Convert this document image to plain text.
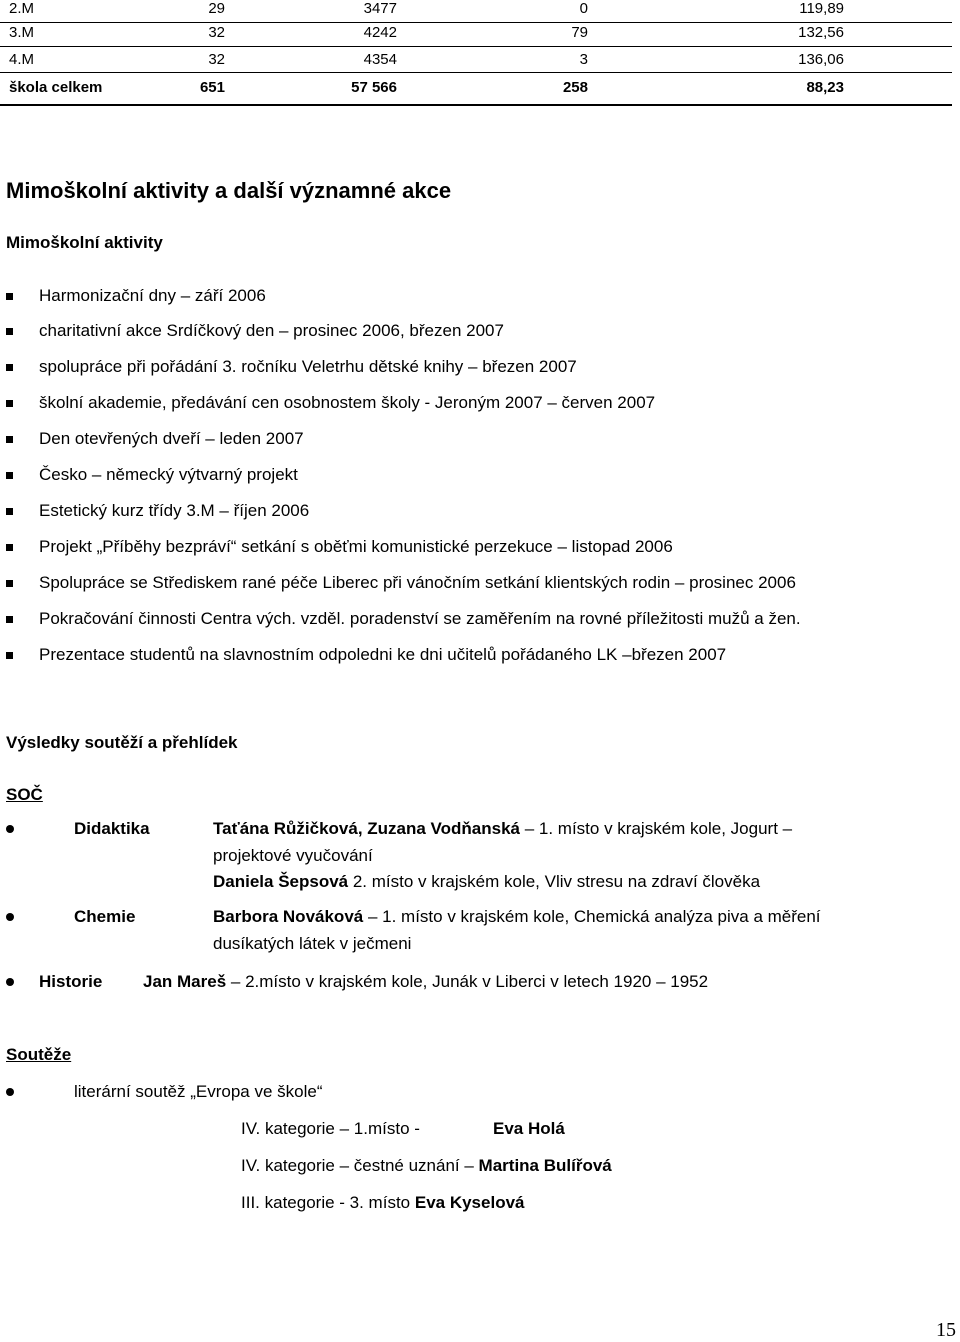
2.M	29	3477	0	119,89
3.M	32	4242	79	132,56
4.M	32	4354	3	136,06
škola celkem	651	57 566	258	88,23
Mimoškolní aktivity a další významné akce
Mimoškolní aktivity
Harmonizační dny – září 2006
charitativní akce Srdíčkový den – prosinec 2006, březen 2007
spolupráce při pořádání 3. ročníku Veletrhu dětské knihy – březen 2007
školní akademie, předávání cen osobnostem školy - Jeroným 2007 – červen 2007
Den otevřených dveří – leden 2007
Česko – německý výtvarný projekt
Estetický kurz třídy 3.M – říjen 2006
Projekt „Příběhy bezpráví“ setkání s oběťmi komunistické perzekuce – listopad 2006
Spolupráce se Střediskem rané péče Liberec při vánočním setkání klientských rodin – prosinec 2006
Pokračování činnosti Centra vých. vzděl. poradenství se zaměřením na rovné příležitosti mužů a žen.
Prezentace studentů na slavnostním odpoledni ke dni učitelů pořádaného LK –březen 2007
Výsledky soutěží a přehlídek
SOČ
Didaktika	Taťána Růžičková, Zuzana Vodňanská – 1. místo v krajském kole, Jogurt –
projektové vyučování
Daniela Šepsová 2. místo v krajském kole, Vliv stresu na zdraví člověka
Chemie	Barbora Nováková – 1. místo v krajském kole, Chemická analýza piva a měření
dusíkatých látek v ječmeni
Historie Jan Mareš – 2.místo v krajském kole, Junák v Liberci v letech 1920 – 1952
Soutěže
literární soutěž „Evropa ve škole“
IV. kategorie – 1.místo -	Eva Holá
IV. kategorie – čestné uznání – Martina Bulířová
III. kategorie - 3. místo Eva Kyselová
15
